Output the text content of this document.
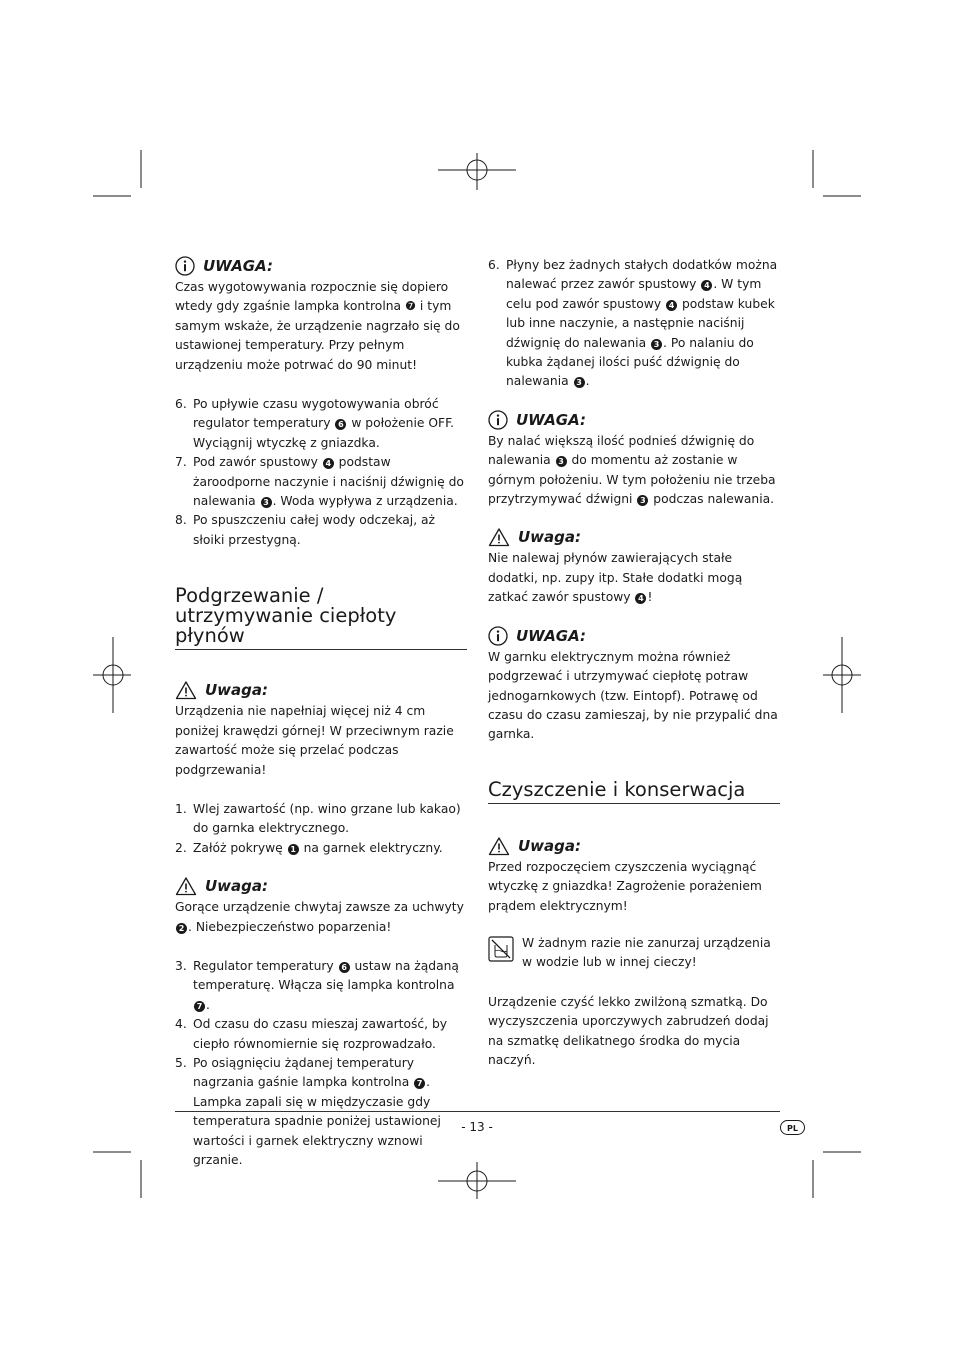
UWAGA:

Czas wygotowywania rozpocznie się dopiero wtedy gdy zgaśnie lampka kontrolna ❼ i tym samym wskaże, że urządzenie nagrzało się do ustawionej temperatury. Przy pełnym urządzeniu może potrwać do 90 minut!

6. Po upływie czasu wygotowywania obróć regulator temperatury 6 w położenie OFF. Wyciągnij wtyczkę z gniazdka.
7. Pod zawór spustowy 4 podstaw żaroodporne naczynie i naciśnij dźwignię do nalewania 3 . Woda wypływa z urządzenia.
8. Po spuszczeniu całej wody odczekaj, aż słoiki przestygną.
Podgrzewanie / utrzymywanie ciepłoty płynów
Uwaga:

Urządzenia nie napełniaj więcej niż 4 cm poniżej krawędzi górnej! W przeciwnym razie zawartość może się przelać podczas podgrzewania!

1. Wlej zawartość (np. wino grzane lub kakao) do garnka elektrycznego.
2. Załóż pokrywę 1 na garnek elektryczny.
Uwaga:

Gorące urządzenie chwytaj zawsze za uchwyty 2 . Niebezpieczeństwo poparzenia!

3. Regulator temperatury 6 ustaw na żądaną temperaturę. Włącza się lampka kontrolna 7 .
4. Od czasu do czasu mieszaj zawartość, by ciepło równomiernie się rozprowadzało.
5. Po osiągnięciu żądanej temperatury nagrzania gaśnie lampka kontrolna 7 . Lampka zapali się w międzyczasie gdy temperatura spadnie poniżej ustawionej wartości i garnek elektryczny wznowi grzanie.
6. Płyny bez żadnych stałych dodatków można nalewać przez zawór spustowy 4 . W tym celu pod zawór spustowy 4 podstaw kubek lub inne naczynie, a następnie naciśnij dźwignię do nalewania 3 . Po nalaniu do kubka żądanej ilości puść dźwignię do nalewania 3 .
UWAGA:

By nalać większą ilość podnieś dźwignię do nalewania 3 do momentu aż zostanie w górnym położeniu. W tym położeniu nie trzeba przytrzymywać dźwigni 3 podczas nalewania.

Uwaga:

Nie nalewaj płynów zawierających stałe dodatki, np. zupy itp. Stałe dodatki mogą zatkać zawór spustowy 4 !

UWAGA:

W garnku elektrycznym można również podgrzewać i utrzymywać ciepłotę potraw jednogarnkowych (tzw. Eintopf). Potrawę od czasu do czasu zamieszaj, by nie przypalić dna garnka.

Czyszczenie i konserwacja
Uwaga:

Przed rozpoczęciem czyszczenia wyciągnąć wtyczkę z gniazdka! Zagrożenie porażeniem prądem elektrycznym!

W żadnym razie nie zanurzaj urządzenia w wodzie lub w innej cieczy!

Urządzenie czyść lekko zwilżoną szmatką. Do wyczyszczenia uporczywych zabrudzeń dodaj na szmatkę delikatnego środka do mycia naczyń.

- 13 -	PL
